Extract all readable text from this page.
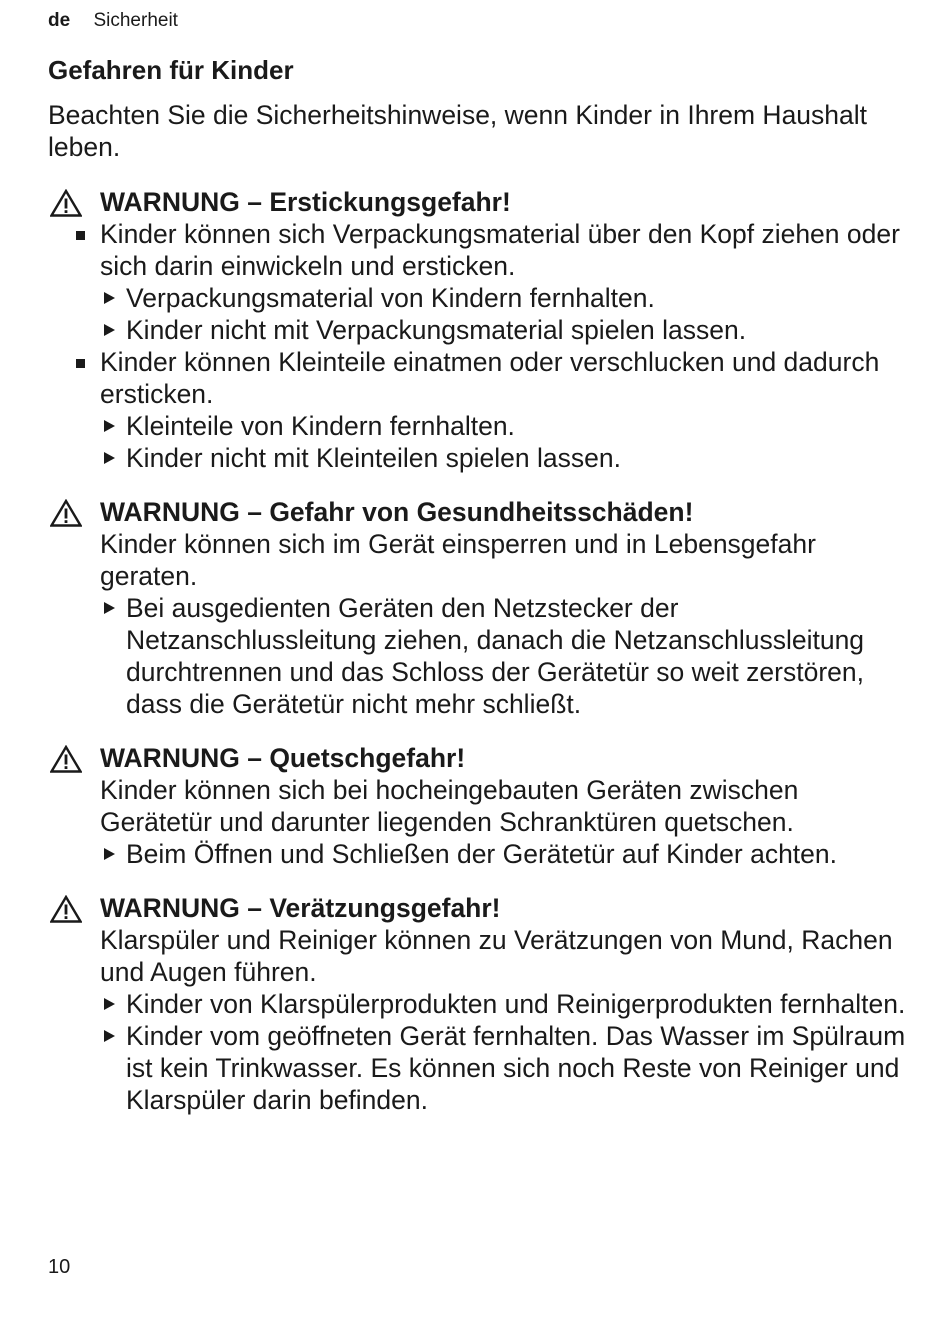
de Sicherheit
Gefahren für Kinder

Beachten Sie die Sicherheitshinweise, wenn Kinder in Ihrem Haushalt leben.

WARNUNG – Erstickungsgefahr!
Kinder können sich Verpackungsmaterial über den Kopf ziehen oder sich darin einwickeln und ersticken.
Verpackungsmaterial von Kindern fernhalten.
Kinder nicht mit Verpackungsmaterial spielen lassen.
Kinder können Kleinteile einatmen oder verschlucken und dadurch ersticken.
Kleinteile von Kindern fernhalten.
Kinder nicht mit Kleinteilen spielen lassen.
WARNUNG – Gefahr von Gesundheitsschäden!

Kinder können sich im Gerät einsperren und in Lebensgefahr geraten.

Bei ausgedienten Geräten den Netzstecker der Netzanschlussleitung ziehen, danach die Netzanschlussleitung durchtrennen und das Schloss der Gerätetür so weit zerstören, dass die Gerätetür nicht mehr schließt.
WARNUNG – Quetschgefahr!

Kinder können sich bei hocheingebauten Geräten zwischen Gerätetür und darunter liegenden Schranktüren quetschen.

Beim Öffnen und Schließen der Gerätetür auf Kinder achten.
WARNUNG – Verätzungsgefahr!

Klarspüler und Reiniger können zu Verätzungen von Mund, Rachen und Augen führen.

Kinder von Klarspülerprodukten und Reinigerprodukten fernhalten.
Kinder vom geöffneten Gerät fernhalten. Das Wasser im Spülraum ist kein Trinkwasser. Es können sich noch Reste von Reiniger und Klarspüler darin befinden.
10
